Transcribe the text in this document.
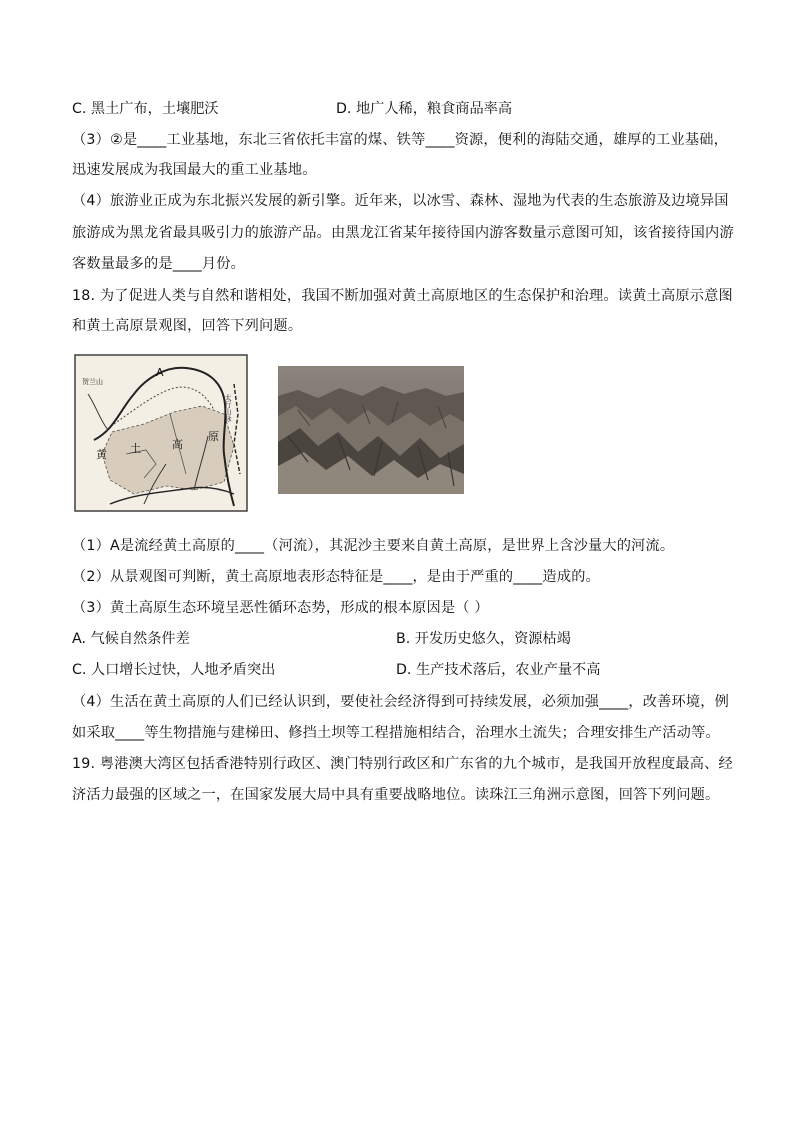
C. 黑土广布，土壤肥沃	D. 地广人稀，粮食商品率高
（3）②是____工业基地，东北三省依托丰富的煤、铁等____资源，便利的海陆交通，雄厚的工业基础，
迅速发展成为我国最大的重工业基地。
（4）旅游业正成为东北振兴发展的新引擎。近年来，以冰雪、森林、湿地为代表的生态旅游及边境异国
旅游成为黑龙省最具吸引力的旅游产品。由黑龙江省某年接待国内游客数量示意图可知，该省接待国内游
客数量最多的是____月份。
18. 为了促进人类与自然和谐相处，我国不断加强对黄土高原地区的生态保护和治理。读黄土高原示意图
和黄土高原景观图，回答下列问题。
A
黄 土	高
原
贺兰山
太行山脉
（1）A是流经黄土高原的____（河流），其泥沙主要来自黄土高原，是世界上含沙量大的河流。
（2）从景观图可判断，黄土高原地表形态特征是____，是由于严重的____造成的。
（3）黄土高原生态环境呈恶性循环态势，形成的根本原因是（ ）
A. 气候自然条件差	B. 开发历史悠久，资源枯竭
C. 人口增长过快，人地矛盾突出	D. 生产技术落后，农业产量不高
（4）生活在黄土高原的人们已经认识到，要使社会经济得到可持续发展，必须加强____，改善环境，例
如采取____等生物措施与建梯田、修挡土坝等工程措施相结合，治理水土流失；合理安排生产活动等。
19. 粤港澳大湾区包括香港特别行政区、澳门特别行政区和广东省的九个城市，是我国开放程度最高、经
济活力最强的区域之一，在国家发展大局中具有重要战略地位。读珠江三角洲示意图，回答下列问题。
